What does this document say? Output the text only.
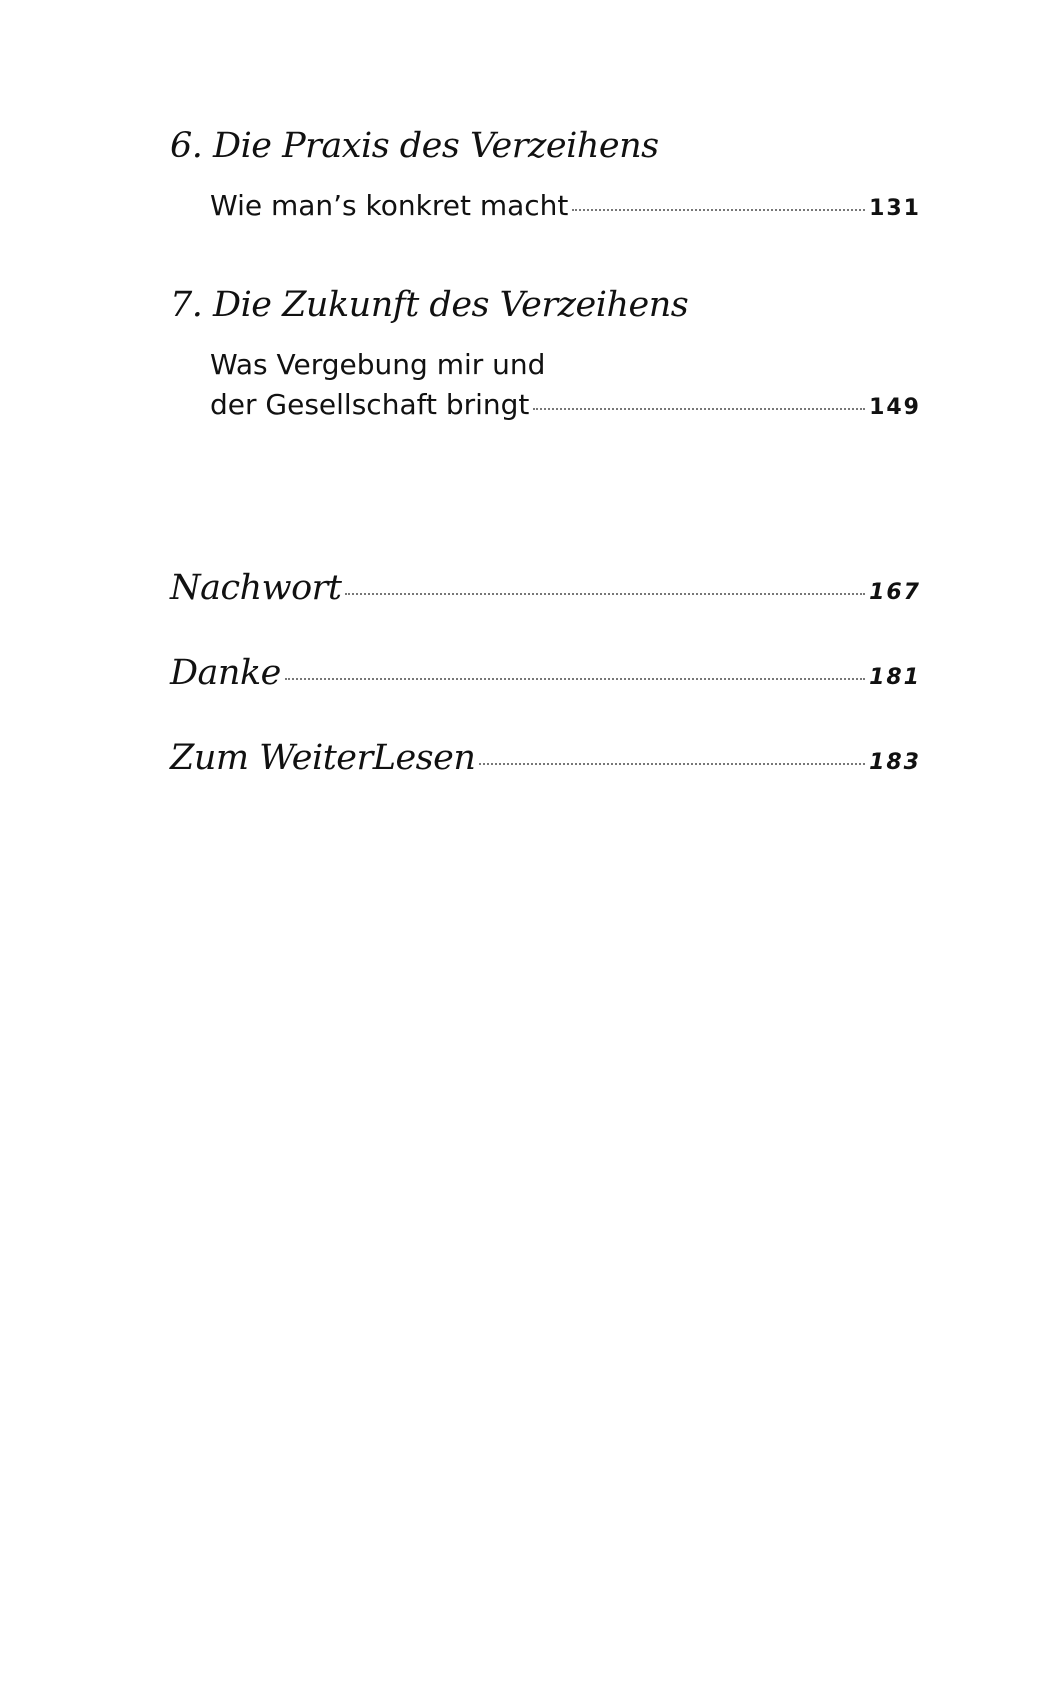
6. Die Praxis des Verzeihens
Wie man’s konkret macht	131
7. Die Zukunft des Verzeihens
Was Vergebung mir und
der Gesellschaft bringt	149
Nachwort	167
Danke	181
Zum WeiterLesen	183
